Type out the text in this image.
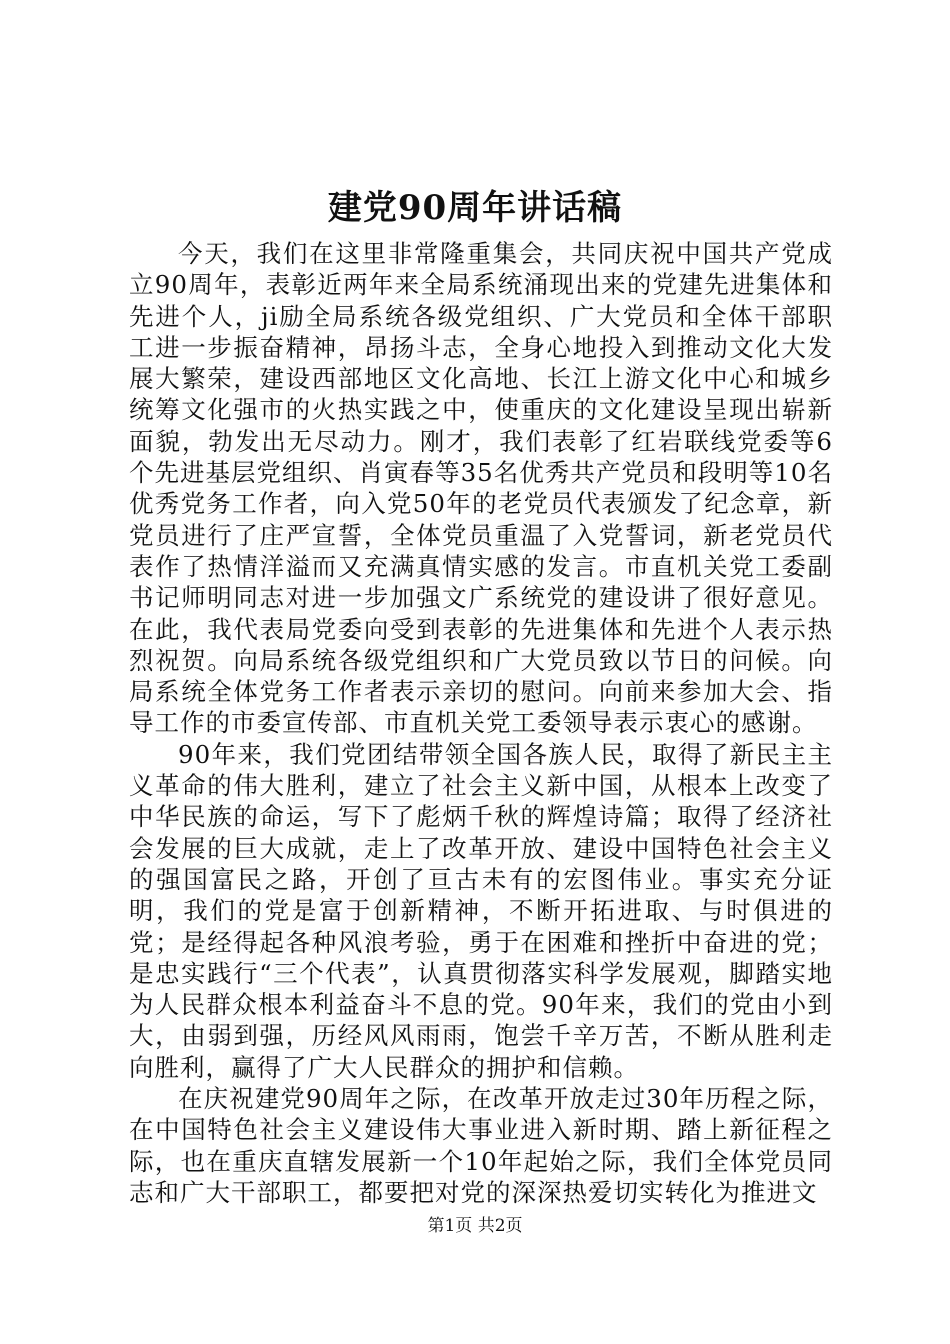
建党90周年讲话稿

今天，我们在这里非常隆重集会，共同庆祝中国共产党成立90周年，表彰近两年来全局系统涌现出来的党建先进集体和先进个人，ji励全局系统各级党组织、广大党员和全体干部职工进一步振奋精神，昂扬斗志，全身心地投入到推动文化大发展大繁荣，建设西部地区文化高地、长江上游文化中心和城乡统筹文化强市的火热实践之中，使重庆的文化建设呈现出崭新面貌，勃发出无尽动力。刚才，我们表彰了红岩联线党委等6个先进基层党组织、肖寅春等35名优秀共产党员和段明等10名优秀党务工作者，向入党50年的老党员代表颁发了纪念章，新党员进行了庄严宣誓，全体党员重温了入党誓词，新老党员代表作了热情洋溢而又充满真情实感的发言。市直机关党工委副书记师明同志对进一步加强文广系统党的建设讲了很好意见。在此，我代表局党委向受到表彰的先进集体和先进个人表示热烈祝贺。向局系统各级党组织和广大党员致以节日的问候。向局系统全体党务工作者表示亲切的慰问。向前来参加大会、指导工作的市委宣传部、市直机关党工委领导表示衷心的感谢。

90年来，我们党团结带领全国各族人民，取得了新民主主义革命的伟大胜利，建立了社会主义新中国，从根本上改变了中华民族的命运，写下了彪炳千秋的辉煌诗篇；取得了经济社会发展的巨大成就，走上了改革开放、建设中国特色社会主义的强国富民之路，开创了亘古未有的宏图伟业。事实充分证明，我们的党是富于创新精神，不断开拓进取、与时俱进的党；是经得起各种风浪考验，勇于在困难和挫折中奋进的党；是忠实践行“三个代表”，认真贯彻落实科学发展观，脚踏实地为人民群众根本利益奋斗不息的党。90年来，我们的党由小到大，由弱到强，历经风风雨雨，饱尝千辛万苦，不断从胜利走向胜利，赢得了广大人民群众的拥护和信赖。

在庆祝建党90周年之际，在改革开放走过30年历程之际，在中国特色社会主义建设伟大事业进入新时期、踏上新征程之际，也在重庆直辖发展新一个10年起始之际，我们全体党员同志和广大干部职工，都要把对党的深深热爱切实转化为推进文

第1页 共2页
